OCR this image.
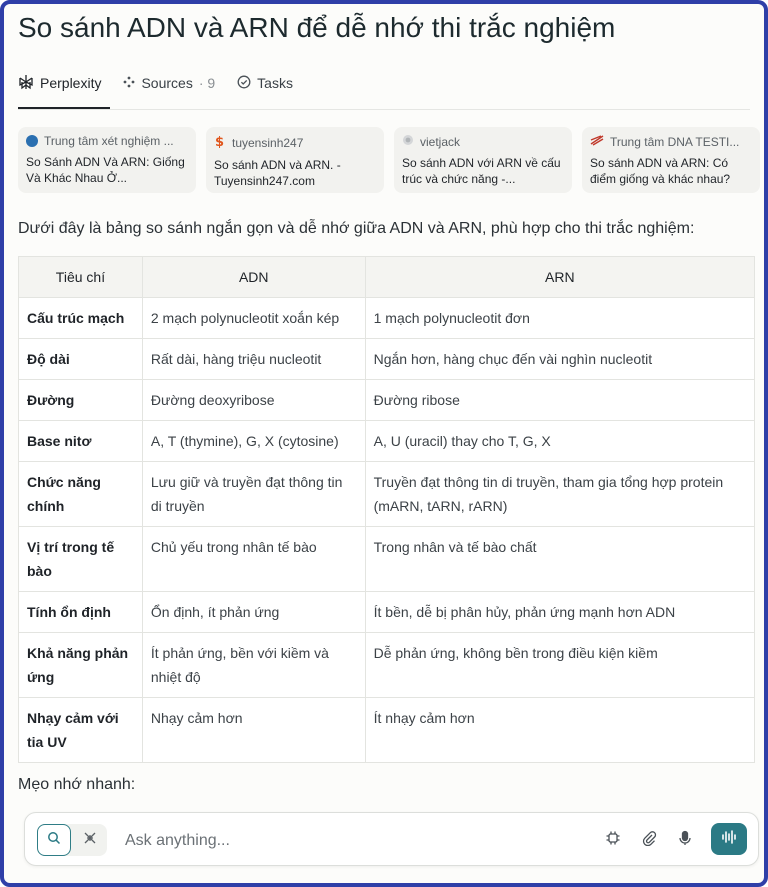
So sánh ADN và ARN để dễ nhớ thi trắc nghiệm
Perplexity	Sources · 9	Tasks
Trung tâm xét nghiệm ...
So Sánh ADN Và ARN: Giống Và Khác Nhau Ở...
$ tuyensinh247
So sánh ADN và ARN. - Tuyensinh247.com
vietjack
So sánh ADN với ARN về cấu trúc và chức năng -...
Trung tâm DNA TESTI...
So sánh ADN và ARN: Có điểm giống và khác nhau?
Dưới đây là bảng so sánh ngắn gọn và dễ nhớ giữa ADN và ARN, phù hợp cho thi trắc nghiệm:
Tiêu chí	ADN	ARN
Cấu trúc mạch	2 mạch polynucleotit xoắn kép	1 mạch polynucleotit đơn
Độ dài	Rất dài, hàng triệu nucleotit	Ngắn hơn, hàng chục đến vài nghìn nucleotit
Đường	Đường deoxyribose	Đường ribose
Base nitơ	A, T (thymine), G, X (cytosine)	A, U (uracil) thay cho T, G, X
Chức năng chính	Lưu giữ và truyền đạt thông tin di truyền	Truyền đạt thông tin di truyền, tham gia tổng hợp protein (mARN, tARN, rARN)
Vị trí trong tế bào	Chủ yếu trong nhân tế bào	Trong nhân và tế bào chất
Tính ổn định	Ổn định, ít phản ứng	Ít bền, dễ bị phân hủy, phản ứng mạnh hơn ADN
Khả năng phản ứng	Ít phản ứng, bền với kiềm và nhiệt độ	Dễ phản ứng, không bền trong điều kiện kiềm
Nhạy cảm với tia UV	Nhạy cảm hơn	Ít nhạy cảm hơn
Mẹo nhớ nhanh:
Ask anything...
